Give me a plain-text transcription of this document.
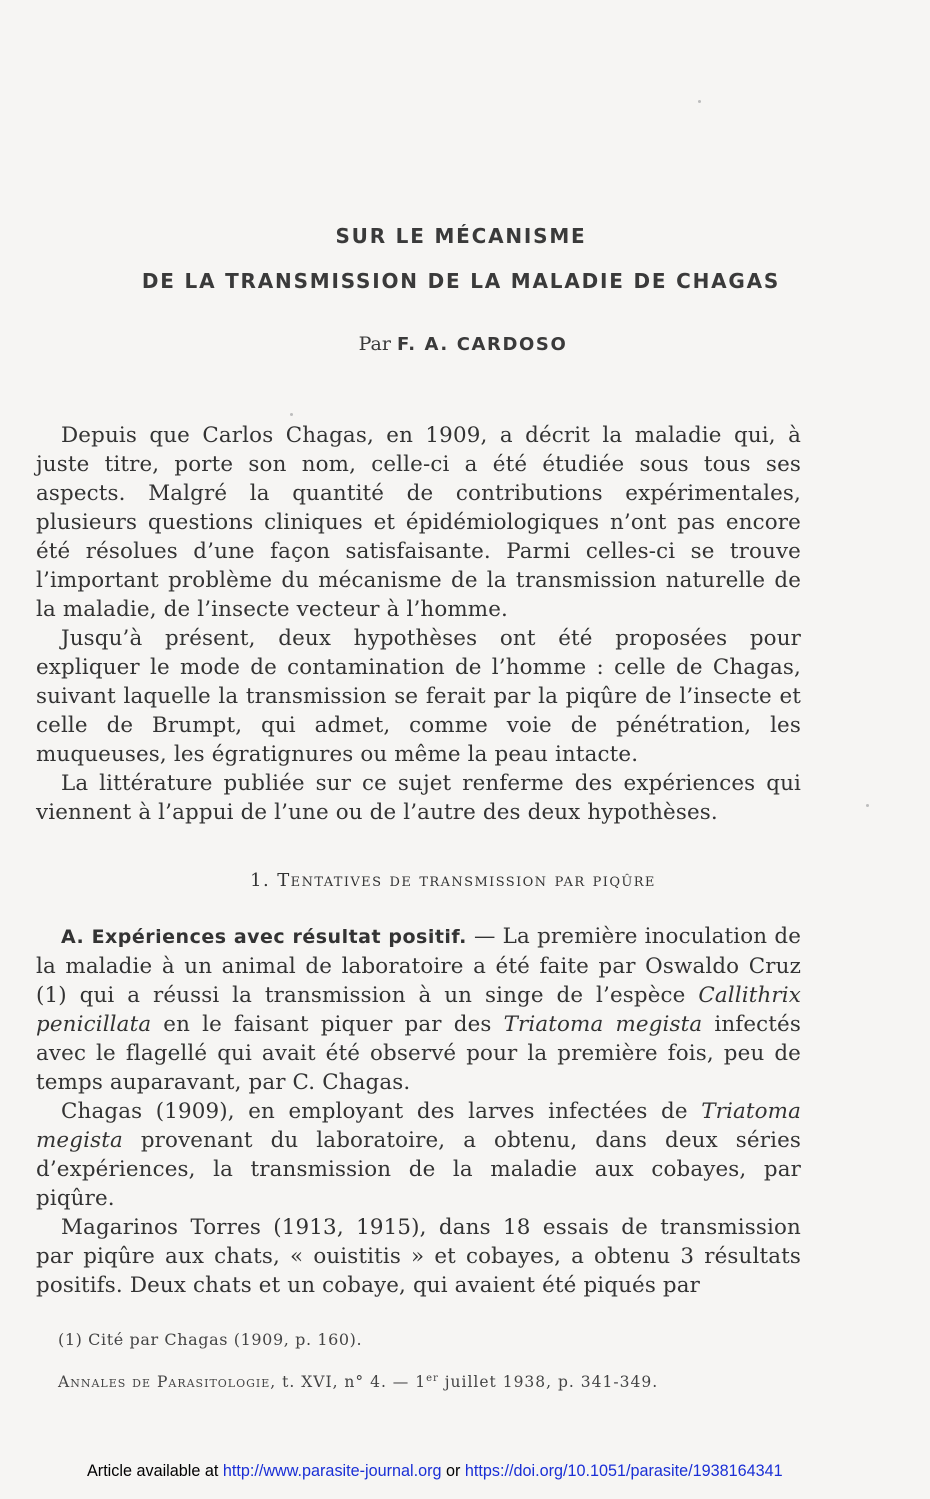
SUR LE MÉCANISME
DE LA TRANSMISSION DE LA MALADIE DE CHAGAS
Par F. A. CARDOSO

Depuis que Carlos Chagas, en 1909, a décrit la maladie qui, à juste titre, porte son nom, celle-ci a été étudiée sous tous ses aspects. Malgré la quantité de contributions expérimentales, plusieurs questions cliniques et épidémiologiques n’ont pas encore été résolues d’une façon satisfaisante. Parmi celles-ci se trouve l’important problème du mécanisme de la transmission naturelle de la maladie, de l’insecte vecteur à l’homme.

Jusqu’à présent, deux hypothèses ont été proposées pour expliquer le mode de contamination de l’homme : celle de Chagas, suivant laquelle la transmission se ferait par la piqûre de l’insecte et celle de Brumpt, qui admet, comme voie de pénétration, les muqueuses, les égratignures ou même la peau intacte.

La littérature publiée sur ce sujet renferme des expériences qui viennent à l’appui de l’une ou de l’autre des deux hypothèses.

1. Tentatives de transmission par piqûre

A. Expériences avec résultat positif. — La première inoculation de la maladie à un animal de laboratoire a été faite par Oswaldo Cruz (1) qui a réussi la transmission à un singe de l’espèce Callithrix penicillata en le faisant piquer par des Triatoma megista infectés avec le flagellé qui avait été observé pour la première fois, peu de temps auparavant, par C. Chagas.

Chagas (1909), en employant des larves infectées de Triatoma megista provenant du laboratoire, a obtenu, dans deux séries d’expériences, la transmission de la maladie aux cobayes, par piqûre.

Magarinos Torres (1913, 1915), dans 18 essais de transmission par piqûre aux chats, « ouistitis » et cobayes, a obtenu 3 résultats positifs. Deux chats et un cobaye, qui avaient été piqués par

(1) Cité par Chagas (1909, p. 160).
Annales de Parasitologie, t. XVI, n° 4. — 1er juillet 1938, p. 341-349.
Article available at http://www.parasite-journal.org or https://doi.org/10.1051/parasite/1938164341
